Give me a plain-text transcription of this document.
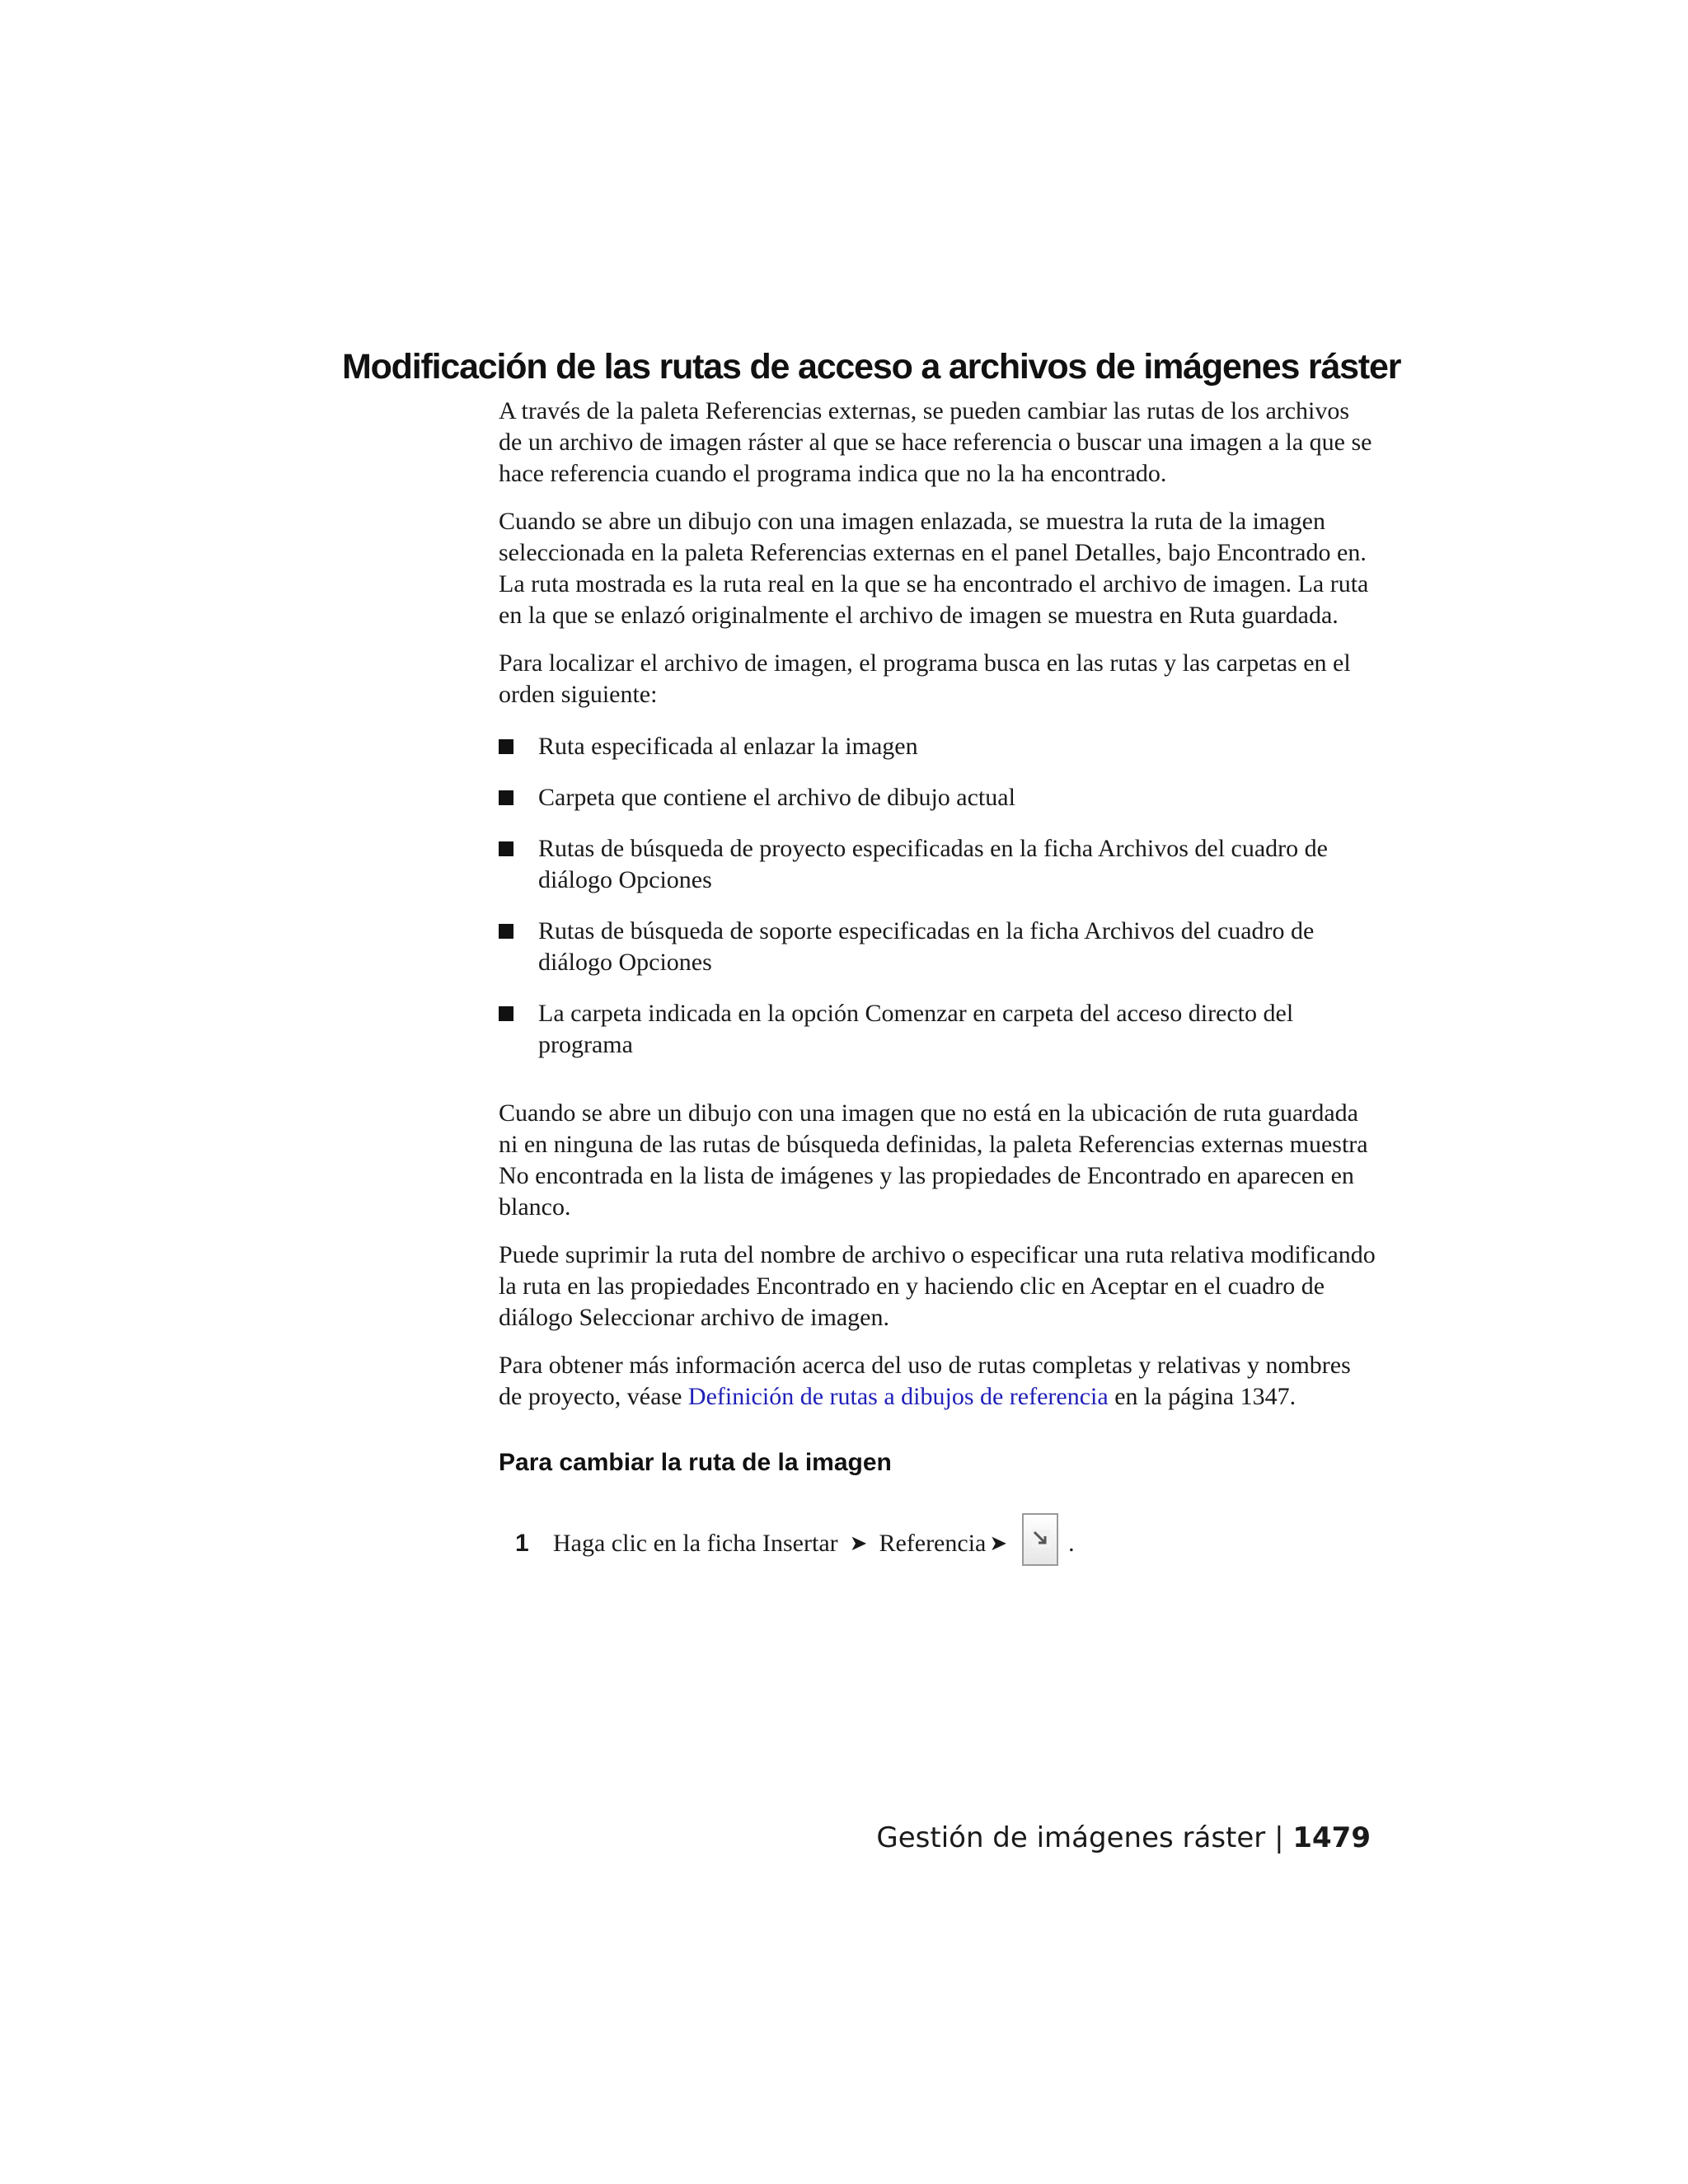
Modificación de las rutas de acceso a archivos de imágenes ráster

A través de la paleta Referencias externas, se pueden cambiar las rutas de los archivos de un archivo de imagen ráster al que se hace referencia o buscar una imagen a la que se hace referencia cuando el programa indica que no la ha encontrado.

Cuando se abre un dibujo con una imagen enlazada, se muestra la ruta de la imagen seleccionada en la paleta Referencias externas en el panel Detalles, bajo Encontrado en. La ruta mostrada es la ruta real en la que se ha encontrado el archivo de imagen. La ruta en la que se enlazó originalmente el archivo de imagen se muestra en Ruta guardada.

Para localizar el archivo de imagen, el programa busca en las rutas y las carpetas en el orden siguiente:

Ruta especificada al enlazar la imagen
Carpeta que contiene el archivo de dibujo actual
Rutas de búsqueda de proyecto especificadas en la ficha Archivos del cuadro de diálogo Opciones
Rutas de búsqueda de soporte especificadas en la ficha Archivos del cuadro de diálogo Opciones
La carpeta indicada en la opción Comenzar en carpeta del acceso directo del programa

Cuando se abre un dibujo con una imagen que no está en la ubicación de ruta guardada ni en ninguna de las rutas de búsqueda definidas, la paleta Referencias externas muestra No encontrada en la lista de imágenes y las propiedades de Encontrado en aparecen en blanco.

Puede suprimir la ruta del nombre de archivo o especificar una ruta relativa modificando la ruta en las propiedades Encontrado en y haciendo clic en Aceptar en el cuadro de diálogo Seleccionar archivo de imagen.

Para obtener más información acerca del uso de rutas completas y relativas y nombres de proyecto, véase Definición de rutas a dibujos de referencia en la página 1347.

Para cambiar la ruta de la imagen
1 Haga clic en la ficha Insertar ➤ Referencia ➤ .
Gestión de imágenes ráster | 1479
